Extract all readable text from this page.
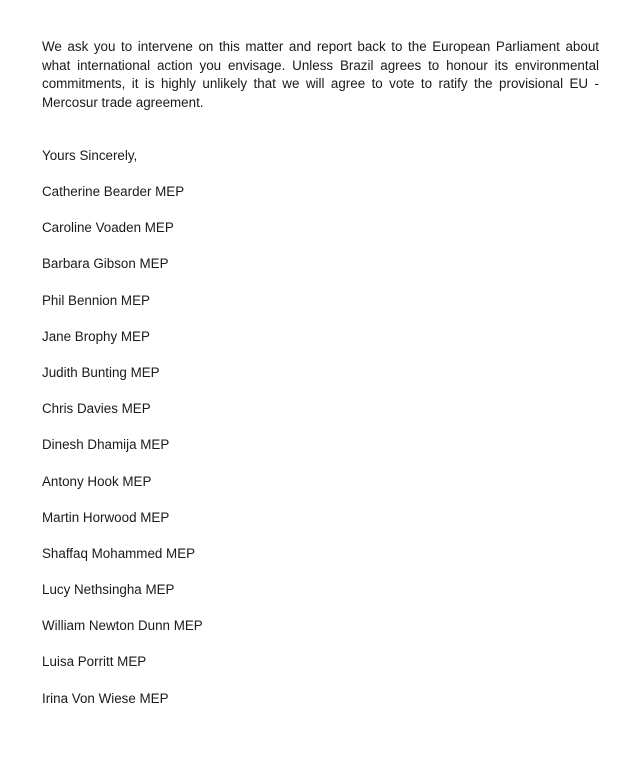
We ask you to intervene on this matter and report back to the European Parliament about what international action you envisage. Unless Brazil agrees to honour its environmental commitments, it is highly unlikely that we will agree to vote to ratify the provisional EU - Mercosur trade agreement.

Yours Sincerely,

Catherine Bearder MEP
Caroline Voaden MEP
Barbara Gibson MEP
Phil Bennion MEP
Jane Brophy MEP
Judith Bunting MEP
Chris Davies MEP
Dinesh Dhamija MEP
Antony Hook MEP
Martin Horwood MEP
Shaffaq Mohammed MEP
Lucy Nethsingha MEP
William Newton Dunn MEP
Luisa Porritt MEP
Irina Von Wiese MEP
